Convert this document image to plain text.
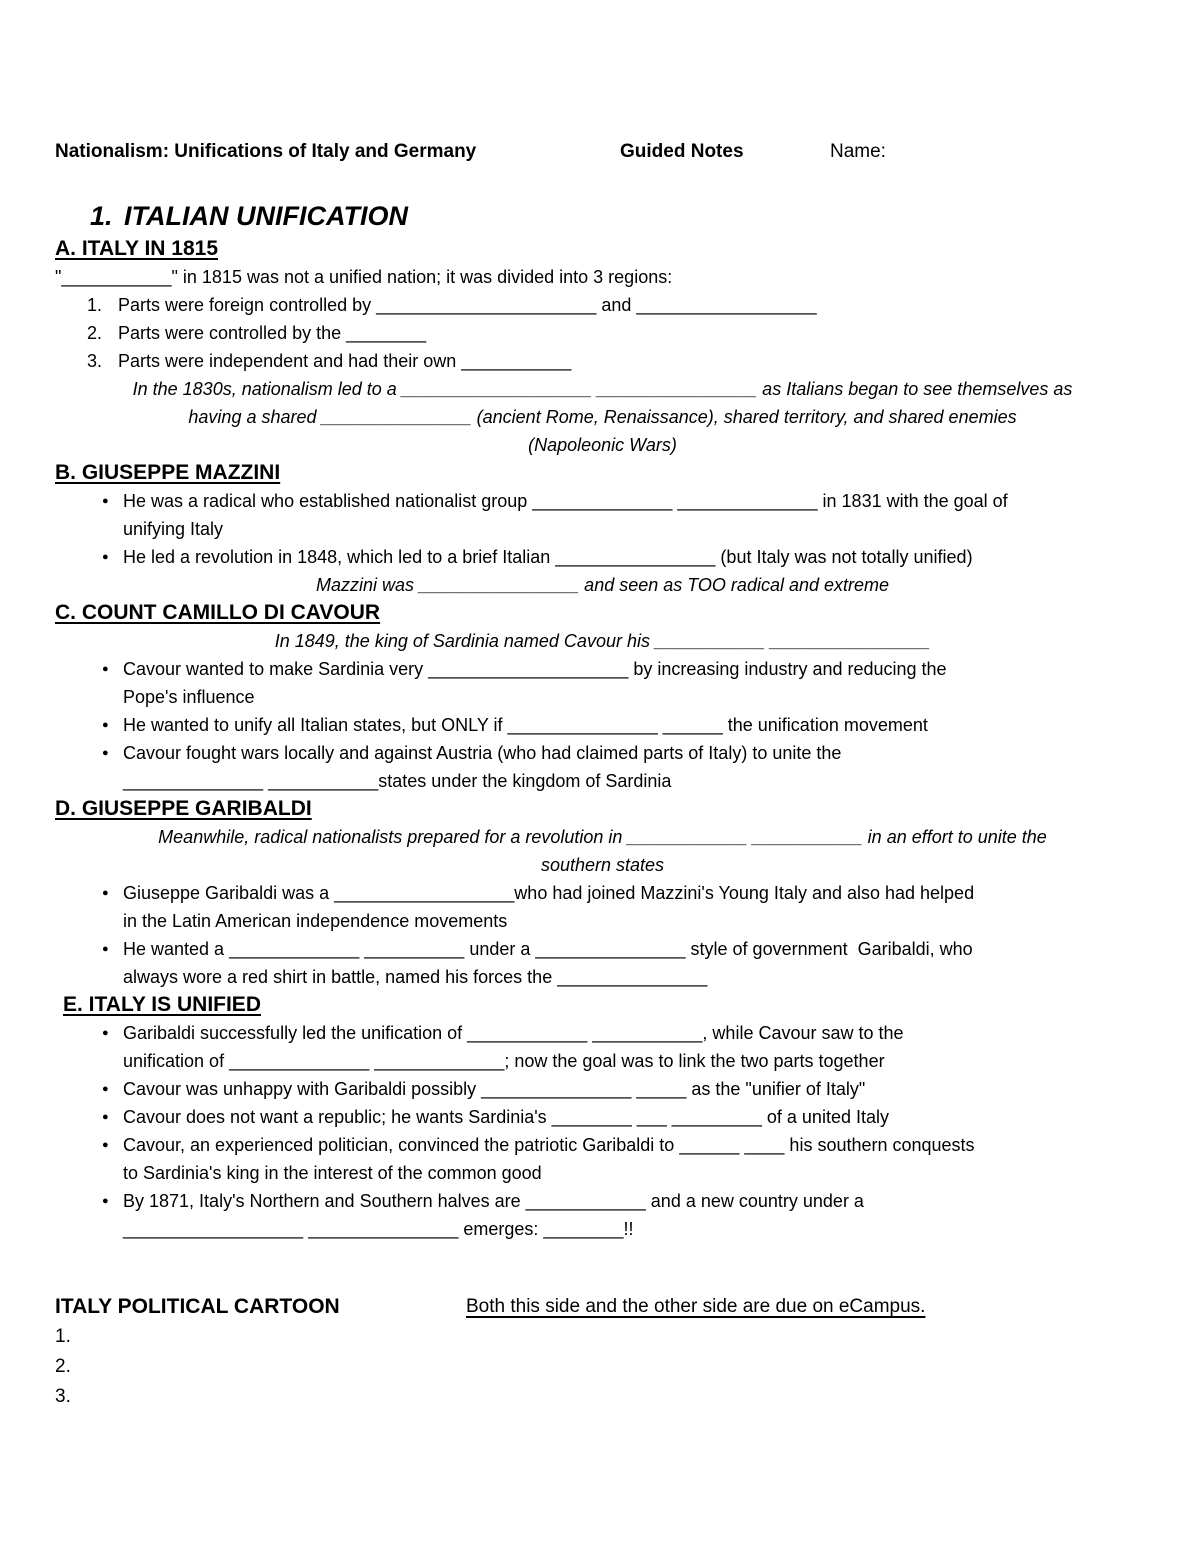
Nationalism: Unifications of Italy and Germany	Guided Notes	Name:
1. ITALIAN UNIFICATION
A. ITALY IN 1815
"___________" in 1815 was not a unified nation; it was divided into 3 regions:
1. Parts were foreign controlled by ______________________ and __________________
2. Parts were controlled by the ________
3. Parts were independent and had their own ___________
In the 1830s, nationalism led to a ___________________ ________________ as Italians began to see themselves as
having a shared _______________ (ancient Rome, Renaissance), shared territory, and shared enemies
(Napoleonic Wars)
B. GIUSEPPE MAZZINI
● He was a radical who established nationalist group ______________ ______________ in 1831 with the goal of
unifying Italy
● He led a revolution in 1848, which led to a brief Italian ________________ (but Italy was not totally unified)
Mazzini was ________________ and seen as TOO radical and extreme
C. COUNT CAMILLO DI CAVOUR
In 1849, the king of Sardinia named Cavour his ___________ ________________
● Cavour wanted to make Sardinia very ____________________ by increasing industry and reducing the
Pope's influence
● He wanted to unify all Italian states, but ONLY if _______________ ______ the unification movement
● Cavour fought wars locally and against Austria (who had claimed parts of Italy) to unite the
______________ ___________states under the kingdom of Sardinia
D. GIUSEPPE GARIBALDI
Meanwhile, radical nationalists prepared for a revolution in ____________ ___________ in an effort to unite the
southern states
● Giuseppe Garibaldi was a __________________who had joined Mazzini's Young Italy and also had helped
in the Latin American independence movements
● He wanted a _____________ __________ under a _______________ style of government  Garibaldi, who
always wore a red shirt in battle, named his forces the _______________
E. ITALY IS UNIFIED
● Garibaldi successfully led the unification of ____________ ___________, while Cavour saw to the
unification of ______________ _____________; now the goal was to link the two parts together
● Cavour was unhappy with Garibaldi possibly _______________ _____ as the "unifier of Italy"
● Cavour does not want a republic; he wants Sardinia's ________ ___ _________ of a united Italy
● Cavour, an experienced politician, convinced the patriotic Garibaldi to ______ ____ his southern conquests
to Sardinia's king in the interest of the common good
● By 1871, Italy's Northern and Southern halves are ____________ and a new country under a
__________________ _______________ emerges: ________!!
ITALY POLITICAL CARTOON	Both this side and the other side are due on eCampus.
1.
2.
3.
